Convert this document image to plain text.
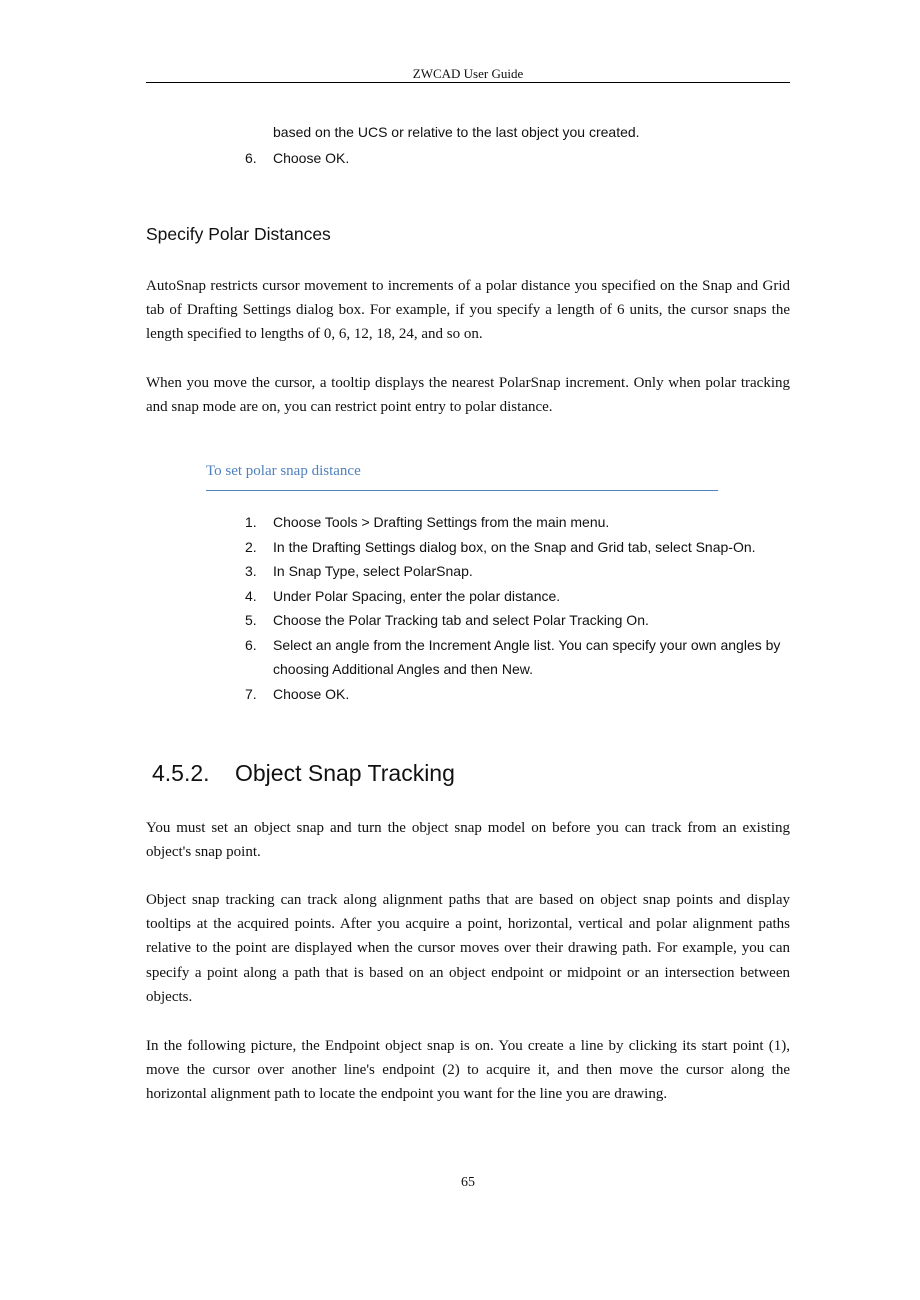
ZWCAD User Guide
based on the UCS or relative to the last object you created.
6.	Choose OK.
Specify Polar Distances

AutoSnap restricts cursor movement to increments of a polar distance you specified on the Snap and Grid tab of Drafting Settings dialog box. For example, if you specify a length of 6 units, the cursor snaps the length specified to lengths of 0, 6, 12, 18, 24, and so on.

When you move the cursor, a tooltip displays the nearest PolarSnap increment. Only when polar tracking and snap mode are on, you can restrict point entry to polar distance.

To set polar snap distance
1.	Choose Tools > Drafting Settings from the main menu.
2.	In the Drafting Settings dialog box, on the Snap and Grid tab, select Snap-On.
3.	In Snap Type, select PolarSnap.
4.	Under Polar Spacing, enter the polar distance.
5.	Choose the Polar Tracking tab and select Polar Tracking On.
6.	Select an angle from the Increment Angle list. You can specify your own angles by choosing Additional Angles and then New.
7.	Choose OK.
4.5.2.	Object Snap Tracking

You must set an object snap and turn the object snap model on before you can track from an existing object's snap point.

Object snap tracking can track along alignment paths that are based on object snap points and display tooltips at the acquired points. After you acquire a point, horizontal, vertical and polar alignment paths relative to the point are displayed when the cursor moves over their drawing path. For example, you can specify a point along a path that is based on an object endpoint or midpoint or an intersection between objects.

In the following picture, the Endpoint object snap is on. You create a line by clicking its start point (1), move the cursor over another line's endpoint (2) to acquire it, and then move the cursor along the horizontal alignment path to locate the endpoint you want for the line you are drawing.

65
